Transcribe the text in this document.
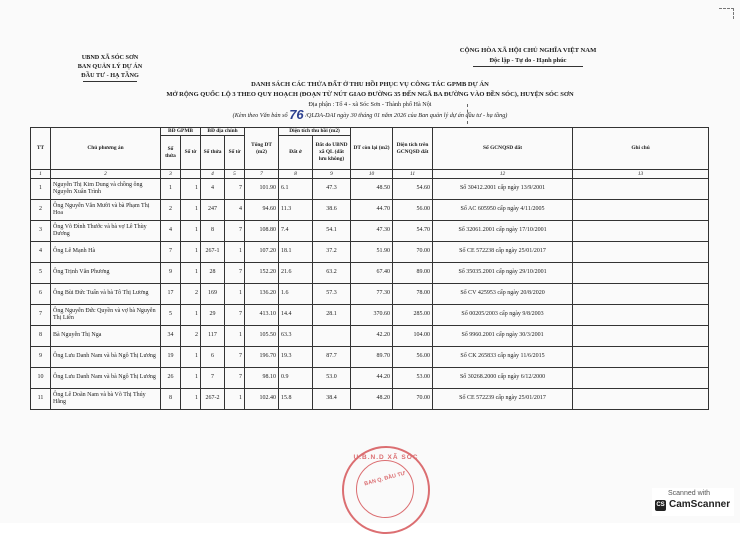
UBND XÃ SÓC SƠN
BAN QUẢN LÝ DỰ ÁN
ĐẦU TƯ - HẠ TẦNG
CỘNG HÒA XÃ HỘI CHỦ NGHĨA VIỆT NAM
Độc lập - Tự do - Hạnh phúc
DANH SÁCH CÁC THỬA ĐẤT Ở THU HỒI PHỤC VỤ CÔNG TÁC GPMB DỰ ÁN
MỞ RỘNG QUỐC LỘ 3 THEO QUY HOẠCH (ĐOẠN TỪ NÚT GIAO ĐƯỜNG 35 ĐẾN NGÃ BA ĐƯỜNG VÀO ĐỀN SÓC), HUYỆN SÓC SƠN
Địa phận : Tổ 4 - xã Sóc Sơn - Thành phố Hà Nội
(Kèm theo Văn bản số 76 /QLDA-DAI ngày 30 tháng 01 năm 2026 của Ban quản lý dự án đầu tư - hạ tầng)
TT	Chủ phương án	BĐ GPMB		BĐ địa chính		Tổng DT (m2)	Diện tích thu hồi (m2)		DT còn lại (m2)	Diện tích trên GCNQSD đất	Số GCNQSD đất	Ghi chú
		Số thửa	Số tờ	Số thửa	Số tờ		Đất ở	Đất do UBND xã QL (đất lưu không)				
1	2	3		4	5	7	8	9	10	11	12	13
1	Nguyễn Thị Kim Dung và chồng ông Nguyễn Xuân Trình	1	1	4	7	101.90	6.1	47.3	48.50	54.60	Số 30412.2001 cấp ngày 13/9/2001	
2	Ông Nguyễn Văn Mười và bà Phạm Thị Hoa	2	1	247	4	94.60	11.3	38.6	44.70	56.00	Số AC 605950 cấp ngày 4/11/2005	
3	Ông Võ Đình Thước và bà vợ Lê Thùy Dương	4	1	8	7	108.80	7.4	54.1	47.30	54.70	Số 32061.2001 cấp ngày 17/10/2001	
4	Ông Lê Mạnh Hà	7	1	267-1	1	107.20	18.1	37.2	51.90	70.00	Số CE 572238 cấp ngày 25/01/2017	
5	Ông Trịnh Văn Phương	9	1	28	7	152.20	21.6	63.2	67.40	89.00	Số 35035.2001 cấp ngày 29/10/2001	
6	Ông Bùi Đức Tuấn và bà Tô Thị Lương	17	2	169	1	136.20	1.6	57.3	77.30	78.00	Số CV 425953 cấp ngày 20/8/2020	
7	Ông Nguyễn Đức Quyền và vợ bà Nguyễn Thị Liên	5	1	29	7	413.10	14.4	28.1	370.60	285.00	Số 00205/2003 cấp ngày 9/8/2003	
8	Bà Nguyễn Thị Nga	34	2	117	1	105.50	63.3		42.20	104.00	Số 9960.2001 cấp ngày 30/3/2001	
9	Ông Lưu Danh Nam và bà Ngô Thị Lương	19	1	6	7	196.70	19.3	87.7	89.70	56.00	Số CK 265833 cấp ngày 11/6/2015	
10	Ông Lưu Danh Nam và bà Ngô Thị Lương	26	1	7	7	98.10	0.9	53.0	44.20	53.00	Số 30268.2000 cấp ngày 6/12/2000	
11	Ông Lê Doãn Nam và bà Võ Thị Thúy Hằng	8	1	267-2	1	102.40	15.8	38.4	48.20	70.00	Số CE 572239 cấp ngày 25/01/2017	
U.B.N.D XÃ SÓC
BAN Q. ĐẦU TƯ
Scanned with
CS CamScanner
